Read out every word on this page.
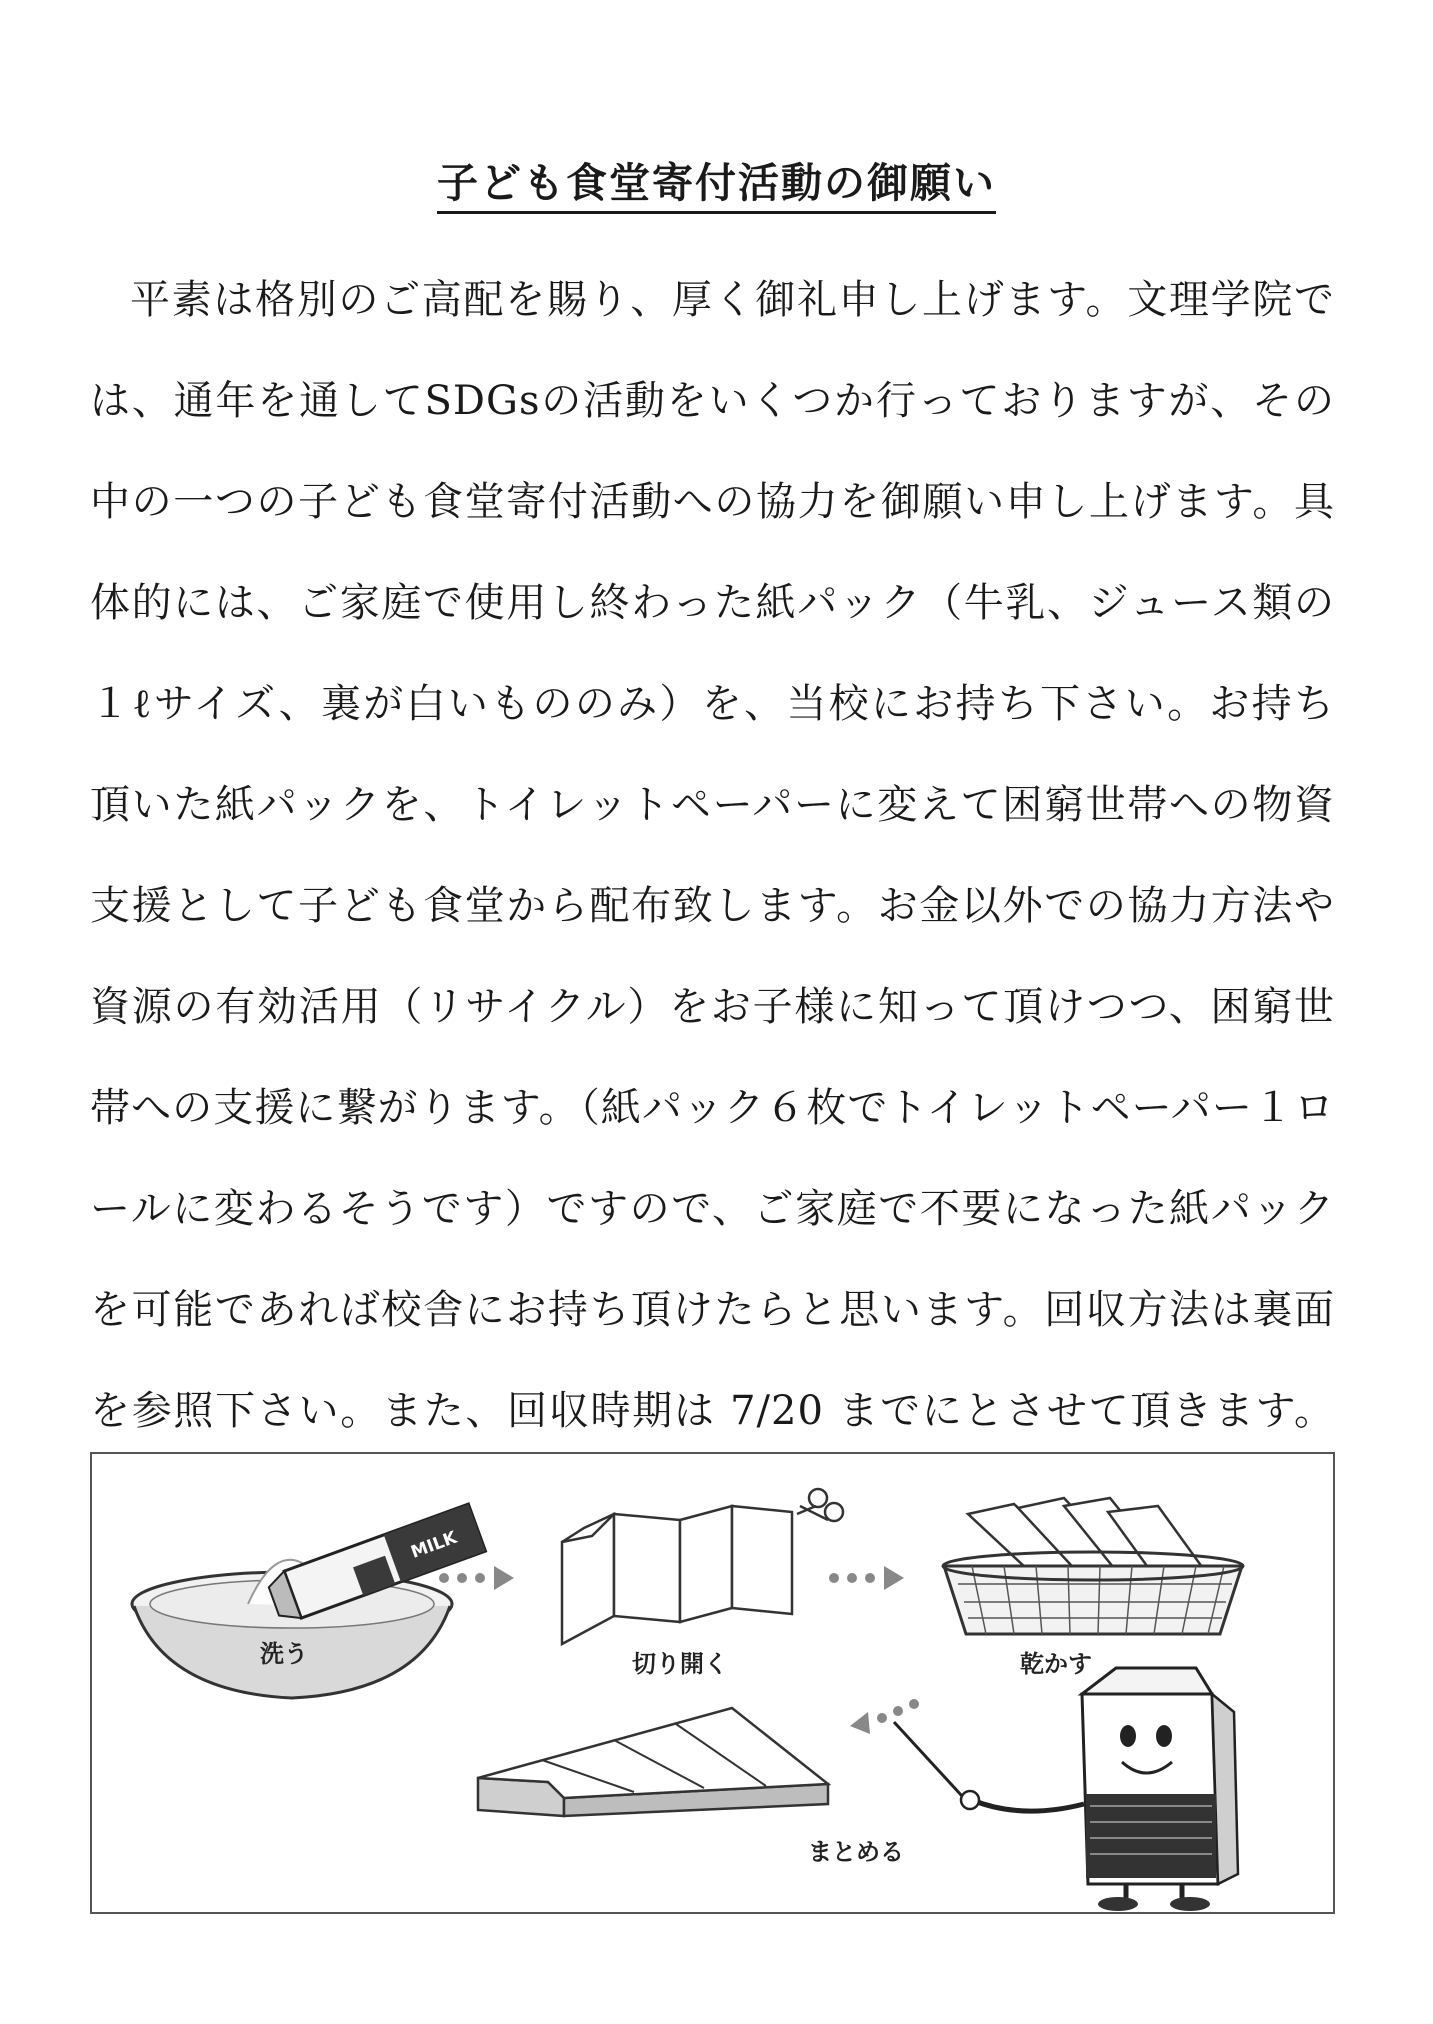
子ども食堂寄付活動の御願い

平素は格別のご高配を賜り、厚く御礼申し上げます。文理学院では、通年を通してSDGsの活動をいくつか行っておりますが、その中の一つの子ども食堂寄付活動への協力を御願い申し上げます。具体的には、ご家庭で使用し終わった紙パック（牛乳、ジュース類の１ℓサイズ、裏が白いもののみ）を、当校にお持ち下さい。お持ち頂いた紙パックを、トイレットペーパーに変えて困窮世帯への物資支援として子ども食堂から配布致します。お金以外での協力方法や資源の有効活用（リサイクル）をお子様に知って頂けつつ、困窮世帯への支援に繋がります。（紙パック６枚でトイレットペーパー１ロールに変わるそうです）ですので、ご家庭で不要になった紙パックを可能であれば校舎にお持ち頂けたらと思います。回収方法は裏面を参照下さい。また、回収時期は 7/20 までにとさせて頂きます。

MILK
洗う	切り開く	乾かす
まとめる
